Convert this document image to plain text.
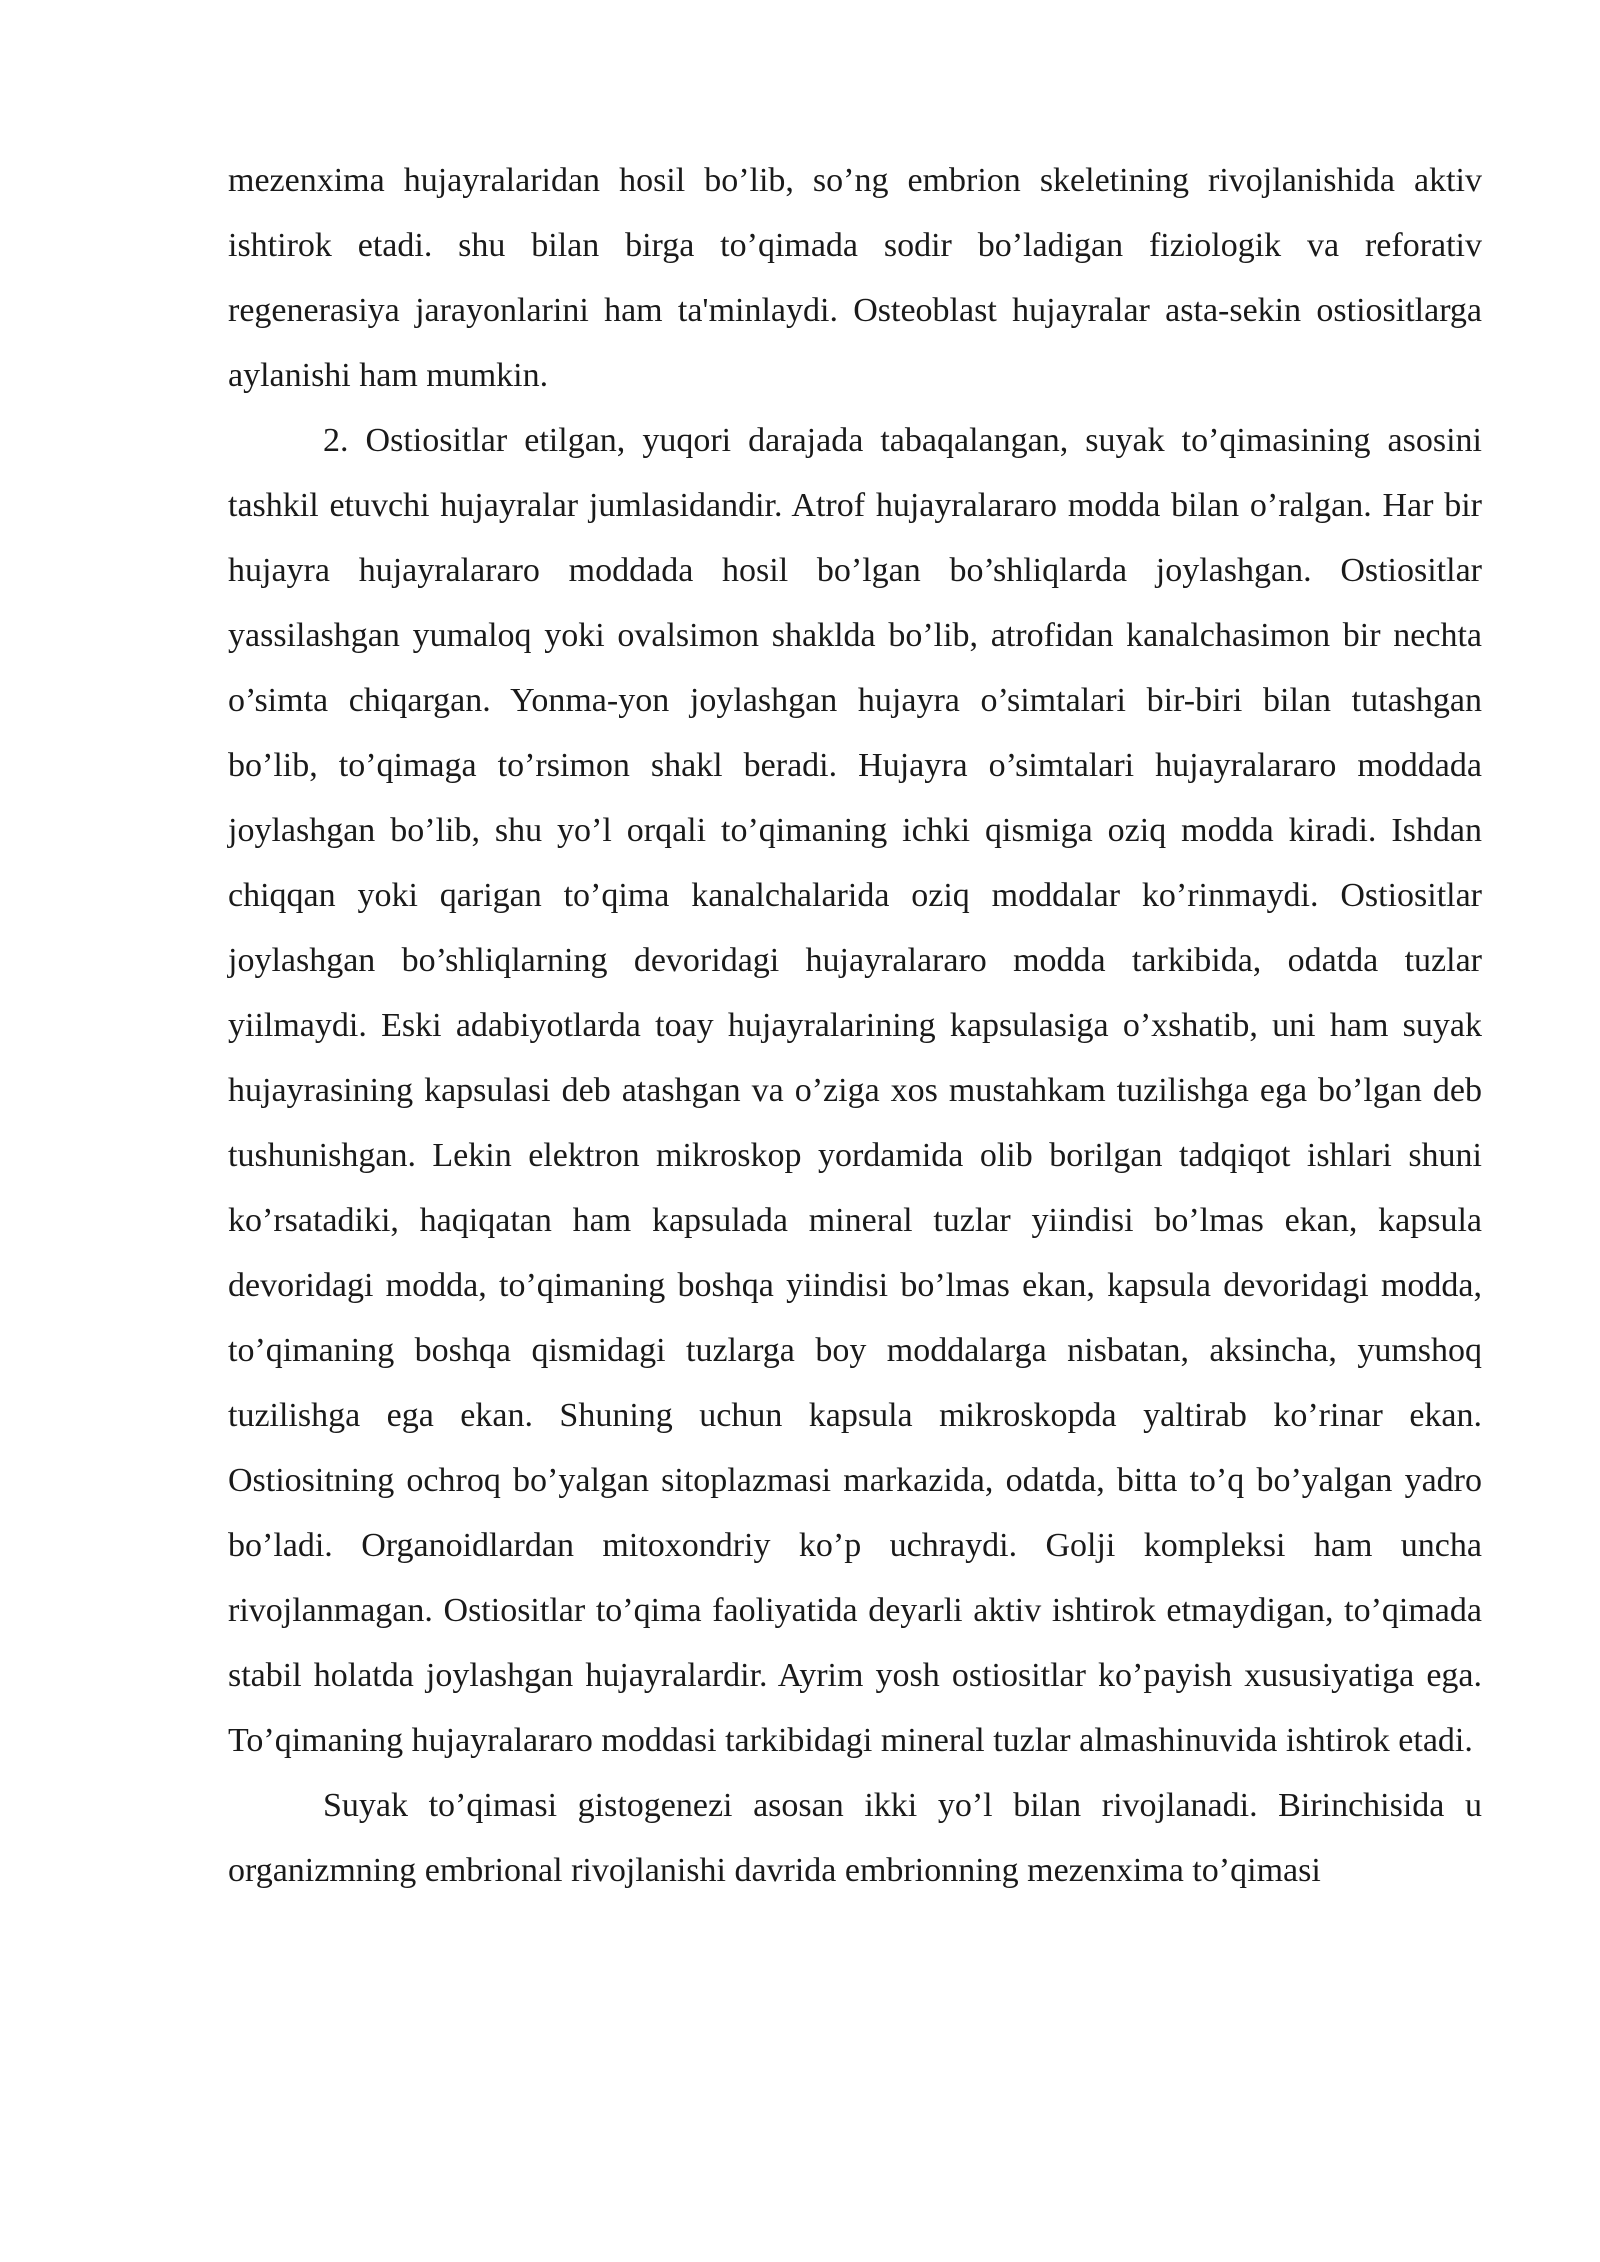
mezenxima hujayralaridan hosil bo’lib, so’ng embrion skeletining rivojlanishida aktiv ishtirok etadi. shu bilan birga to’qimada sodir bo’ladigan fiziologik va reforativ regenerasiya jarayonlarini ham ta'minlaydi. Osteoblast hujayralar asta-sekin ostiositlarga aylanishi ham mumkin.

2. Ostiositlar etilgan, yuqori darajada tabaqalangan, suyak to’qimasining asosini tashkil etuvchi hujayralar jumlasidandir. Atrof hujayralararo modda bilan o’ralgan. Har bir hujayra hujayralararo moddada hosil bo’lgan bo’shliqlarda joylashgan. Ostiositlar yassilashgan yumaloq yoki ovalsimon shaklda bo’lib, atrofidan kanalchasimon bir nechta o’simta chiqargan. Yonma-yon joylashgan hujayra o’simtalari bir-biri bilan tutashgan bo’lib, to’qimaga to’rsimon shakl beradi. Hujayra o’simtalari hujayralararo moddada joylashgan bo’lib, shu yo’l orqali to’qimaning ichki qismiga oziq modda kiradi. Ishdan chiqqan yoki qarigan to’qima kanalchalarida oziq moddalar ko’rinmaydi. Ostiositlar joylashgan bo’shliqlarning devoridagi hujayralararo modda tarkibida, odatda tuzlar yiilmaydi. Eski adabiyotlarda toay hujayralarining kapsulasiga o’xshatib, uni ham suyak hujayrasining kapsulasi deb atashgan va o’ziga xos mustahkam tuzilishga ega bo’lgan deb tushunishgan. Lekin elektron mikroskop yordamida olib borilgan tadqiqot ishlari shuni ko’rsatadiki, haqiqatan ham kapsulada mineral tuzlar yiindisi bo’lmas ekan, kapsula devoridagi modda, to’qimaning boshqa yiindisi bo’lmas ekan, kapsula devoridagi modda, to’qimaning boshqa qismidagi tuzlarga boy moddalarga nisbatan, aksincha, yumshoq tuzilishga ega ekan. Shuning uchun kapsula mikroskopda yaltirab ko’rinar ekan. Ostiositning ochroq bo’yalgan sitoplazmasi markazida, odatda, bitta to’q bo’yalgan yadro bo’ladi. Organoidlardan mitoxondriy ko’p uchraydi. Golji kompleksi ham uncha rivojlanmagan. Ostiositlar to’qima faoliyatida deyarli aktiv ishtirok etmaydigan, to’qimada stabil holatda joylashgan hujayralardir. Ayrim yosh ostiositlar ko’payish xususiyatiga ega. To’qimaning hujayralararo moddasi tarkibidagi mineral tuzlar almashinuvida ishtirok etadi.

Suyak to’qimasi gistogenezi asosan ikki yo’l bilan rivojlanadi. Birinchisida u organizmning embrional rivojlanishi davrida embrionning mezenxima to’qimasi
